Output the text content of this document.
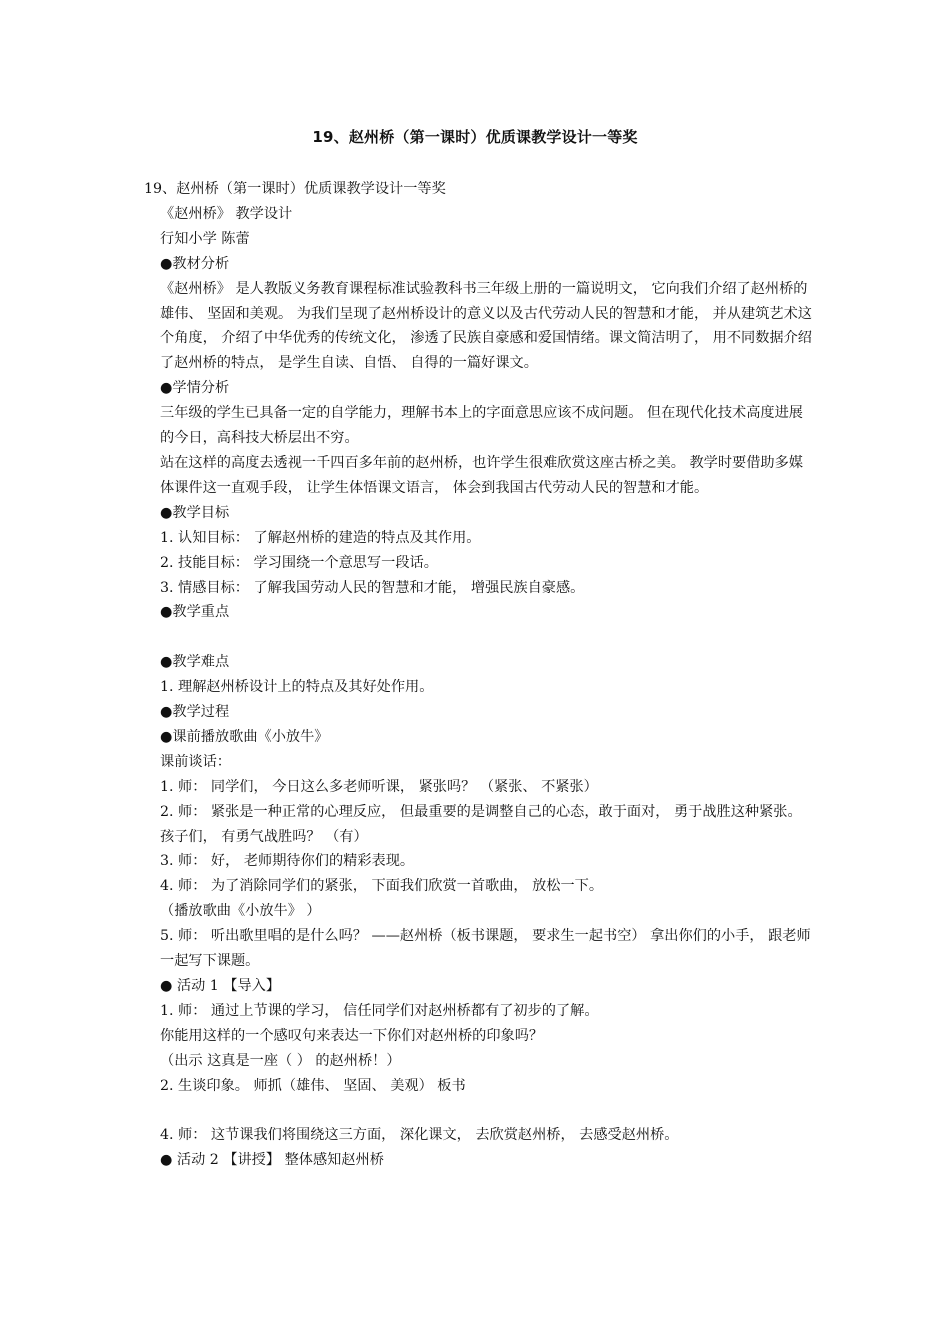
19、赵州桥（第一课时）优质课教学设计一等奖

19、赵州桥（第一课时）优质课教学设计一等奖

《赵州桥》 教学设计

行知小学 陈蕾

●教材分析

《赵州桥》 是人教版义务教育课程标准试验教科书三年级上册的一篇说明文， 它向我们介绍了赵州桥的雄伟、 坚固和美观。 为我们呈现了赵州桥设计的意义以及古代劳动人民的智慧和才能， 并从建筑艺术这个角度， 介绍了中华优秀的传统文化， 渗透了民族自豪感和爱国情绪。课文简洁明了， 用不同数据介绍了赵州桥的特点， 是学生自读、自悟、 自得的一篇好课文。

●学情分析

三年级的学生已具备一定的自学能力，理解书本上的字面意思应该不成问题。 但在现代化技术高度进展的今日，高科技大桥层出不穷。

站在这样的高度去透视一千四百多年前的赵州桥，也许学生很难欣赏这座古桥之美。 教学时要借助多媒体课件这一直观手段， 让学生体悟课文语言， 体会到我国古代劳动人民的智慧和才能。

●教学目标

1. 认知目标： 了解赵州桥的建造的特点及其作用。

2. 技能目标： 学习围绕一个意思写一段话。

3. 情感目标： 了解我国劳动人民的智慧和才能， 增强民族自豪感。

●教学重点

●教学难点

1. 理解赵州桥设计上的特点及其好处作用。

●教学过程

●课前播放歌曲《小放牛》

课前谈话：

1. 师： 同学们， 今日这么多老师听课， 紧张吗？ （紧张、 不紧张）

2. 师： 紧张是一种正常的心理反应， 但最重要的是调整自己的心态，敢于面对， 勇于战胜这种紧张。 孩子们， 有勇气战胜吗？ （有）

3. 师： 好， 老师期待你们的精彩表现。

4. 师： 为了消除同学们的紧张， 下面我们欣赏一首歌曲， 放松一下。

（播放歌曲《小放牛》 ）

5. 师： 听出歌里唱的是什么吗？ ——赵州桥（板书课题， 要求生一起书空） 拿出你们的小手， 跟老师一起写下课题。

● 活动 1 【导入】

1. 师： 通过上节课的学习， 信任同学们对赵州桥都有了初步的了解。

你能用这样的一个感叹句来表达一下你们对赵州桥的印象吗？

（出示 这真是一座（ ） 的赵州桥！）

2. 生谈印象。 师抓（雄伟、 坚固、 美观） 板书

4. 师： 这节课我们将围绕这三方面， 深化课文， 去欣赏赵州桥， 去感受赵州桥。

● 活动 2 【讲授】 整体感知赵州桥
